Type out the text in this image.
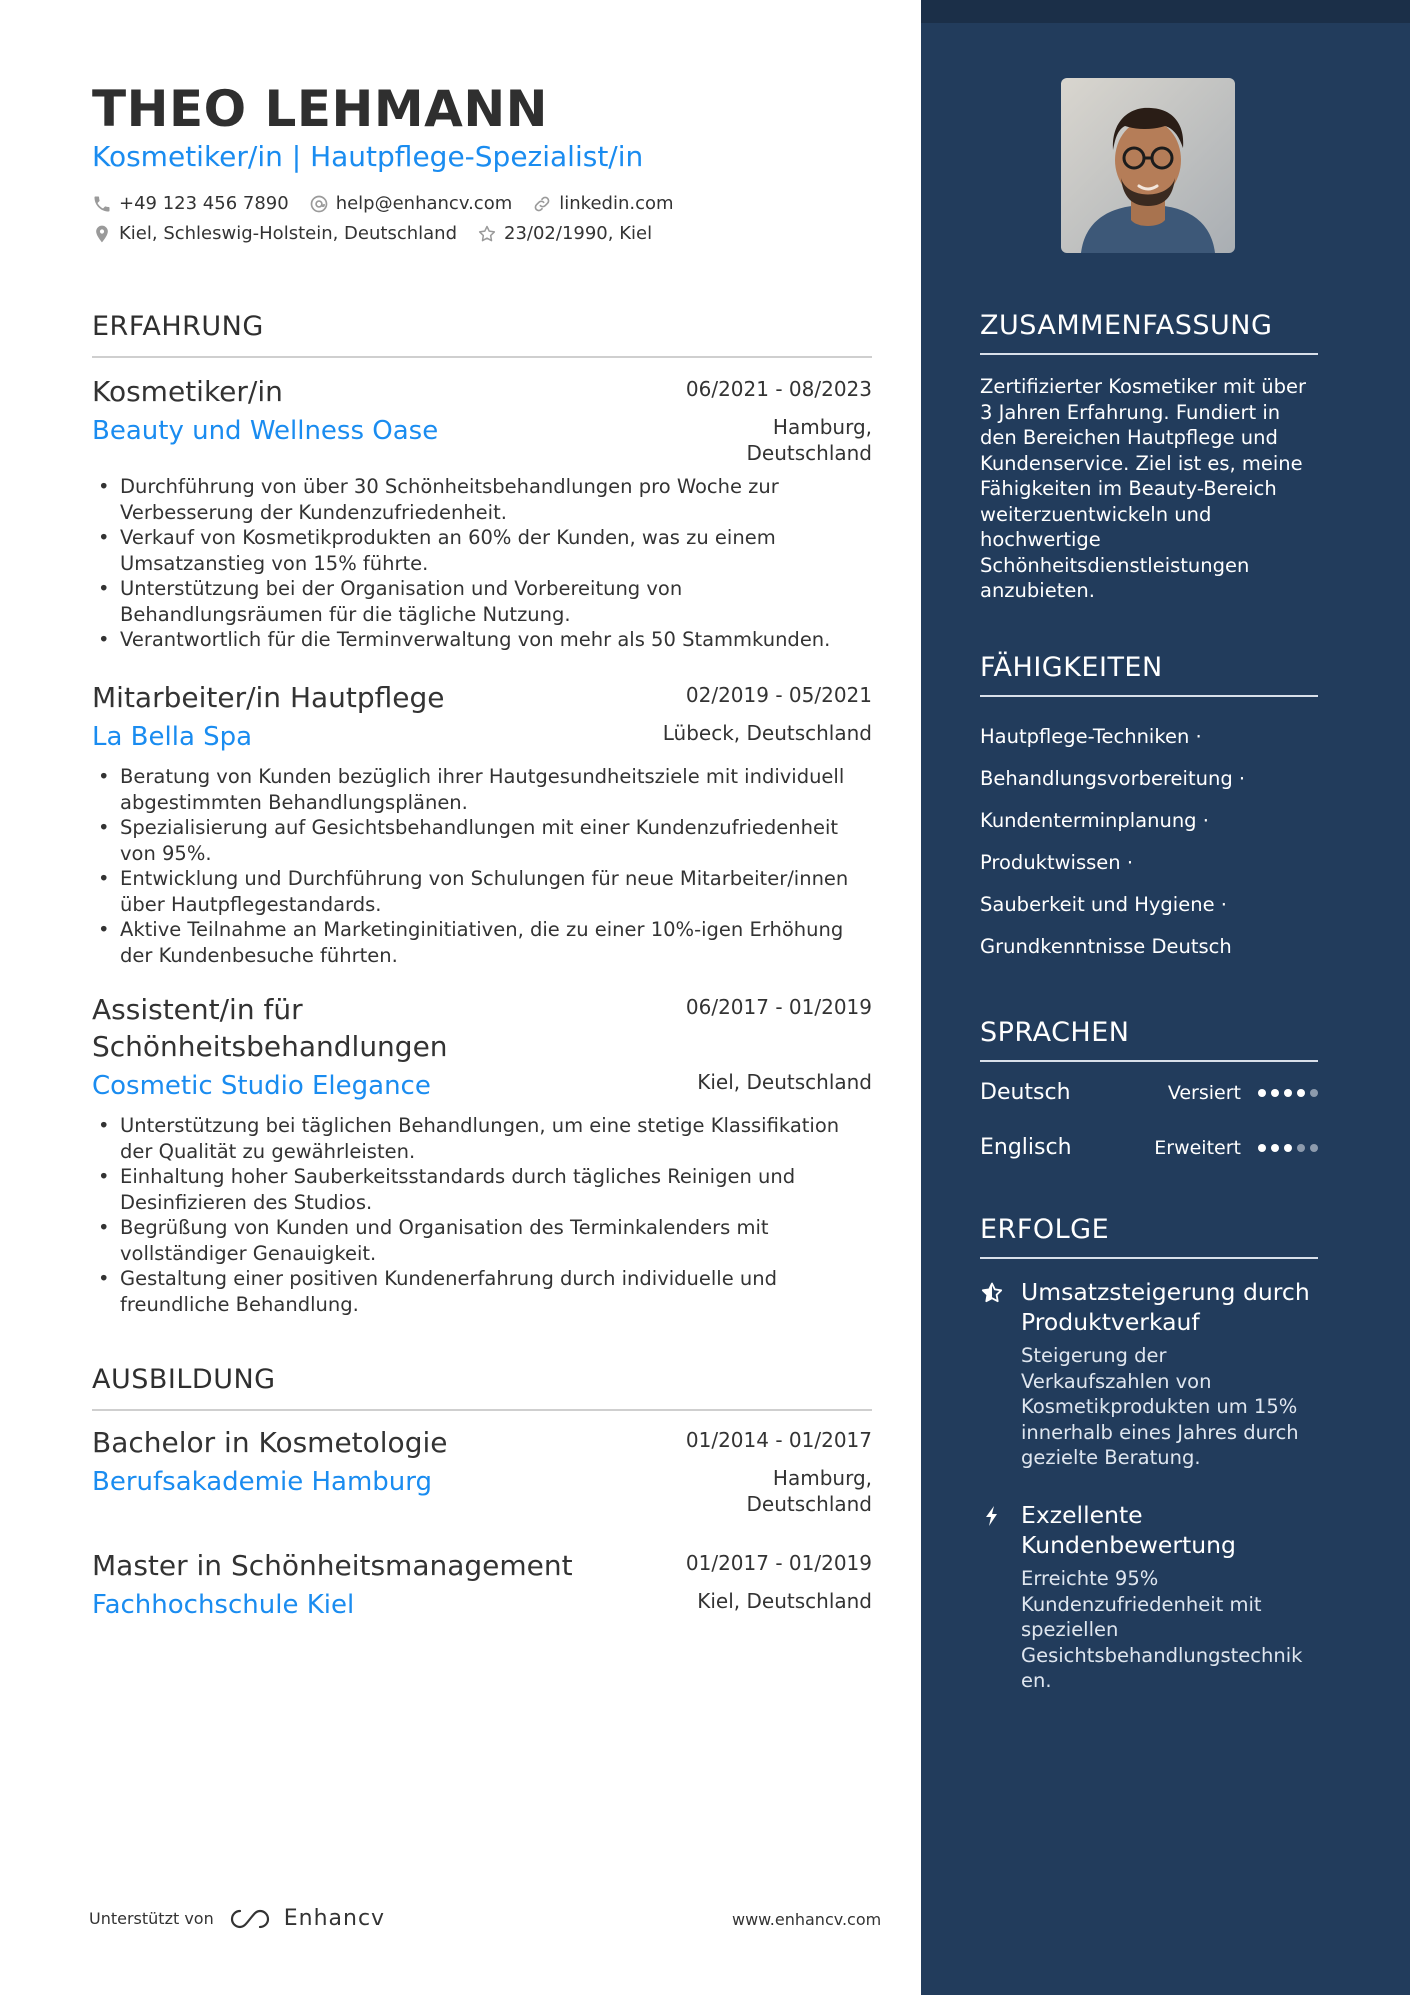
THEO LEHMANN
Kosmetiker/in | Hautpflege-Spezialist/in
+49 123 456 7890	help@enhancv.com	linkedin.com
Kiel, Schleswig-Holstein, Deutschland	23/02/1990, Kiel
ERFAHRUNG
Kosmetiker/in	06/2021 - 08/2023
Beauty und Wellness Oase	Hamburg, Deutschland
• Durchführung von über 30 Schönheitsbehandlungen pro Woche zur Verbesserung der Kundenzufriedenheit.
• Verkauf von Kosmetikprodukten an 60% der Kunden, was zu einem Umsatzanstieg von 15% führte.
• Unterstützung bei der Organisation und Vorbereitung von Behandlungsräumen für die tägliche Nutzung.
• Verantwortlich für die Terminverwaltung von mehr als 50 Stammkunden.
Mitarbeiter/in Hautpflege	02/2019 - 05/2021
La Bella Spa	Lübeck, Deutschland
• Beratung von Kunden bezüglich ihrer Hautgesundheitsziele mit individuell abgestimmten Behandlungsplänen.
• Spezialisierung auf Gesichtsbehandlungen mit einer Kundenzufriedenheit von 95%.
• Entwicklung und Durchführung von Schulungen für neue Mitarbeiter/innen über Hautpflegestandards.
• Aktive Teilnahme an Marketinginitiativen, die zu einer 10%-igen Erhöhung der Kundenbesuche führten.
Assistent/in für Schönheitsbehandlungen
06/2017 - 01/2019
Cosmetic Studio Elegance	Kiel, Deutschland
• Unterstützung bei täglichen Behandlungen, um eine stetige Klassifikation der Qualität zu gewährleisten.
• Einhaltung hoher Sauberkeitsstandards durch tägliches Reinigen und Desinfizieren des Studios.
• Begrüßung von Kunden und Organisation des Terminkalenders mit vollständiger Genauigkeit.
• Gestaltung einer positiven Kundenerfahrung durch individuelle und freundliche Behandlung.
AUSBILDUNG
Bachelor in Kosmetologie	01/2014 - 01/2017
Berufsakademie Hamburg	Hamburg, Deutschland
Master in Schönheitsmanagement	01/2017 - 01/2019
Fachhochschule Kiel	Kiel, Deutschland
Unterstützt von	Enhancv	www.enhancv.com
ZUSAMMENFASSUNG
Zertifizierter Kosmetiker mit über 3 Jahren Erfahrung. Fundiert in den Bereichen Hautpflege und Kundenservice. Ziel ist es, meine Fähigkeiten im Beauty-Bereich weiterzuentwickeln und hochwertige Schönheitsdienstleistungen anzubieten.
FÄHIGKEITEN
Hautpflege-Techniken ·
Behandlungsvorbereitung ·
Kundenterminplanung ·
Produktwissen ·
Sauberkeit und Hygiene ·
Grundkenntnisse Deutsch
SPRACHEN
Deutsch	Versiert
Englisch	Erweitert
ERFOLGE
Umsatzsteigerung durch Produktverkauf
Steigerung der Verkaufszahlen von Kosmetikprodukten um 15% innerhalb eines Jahres durch gezielte Beratung.
Exzellente Kundenbewertung
Erreichte 95% Kundenzufriedenheit mit speziellen Gesichtsbehandlungstechnik en.
